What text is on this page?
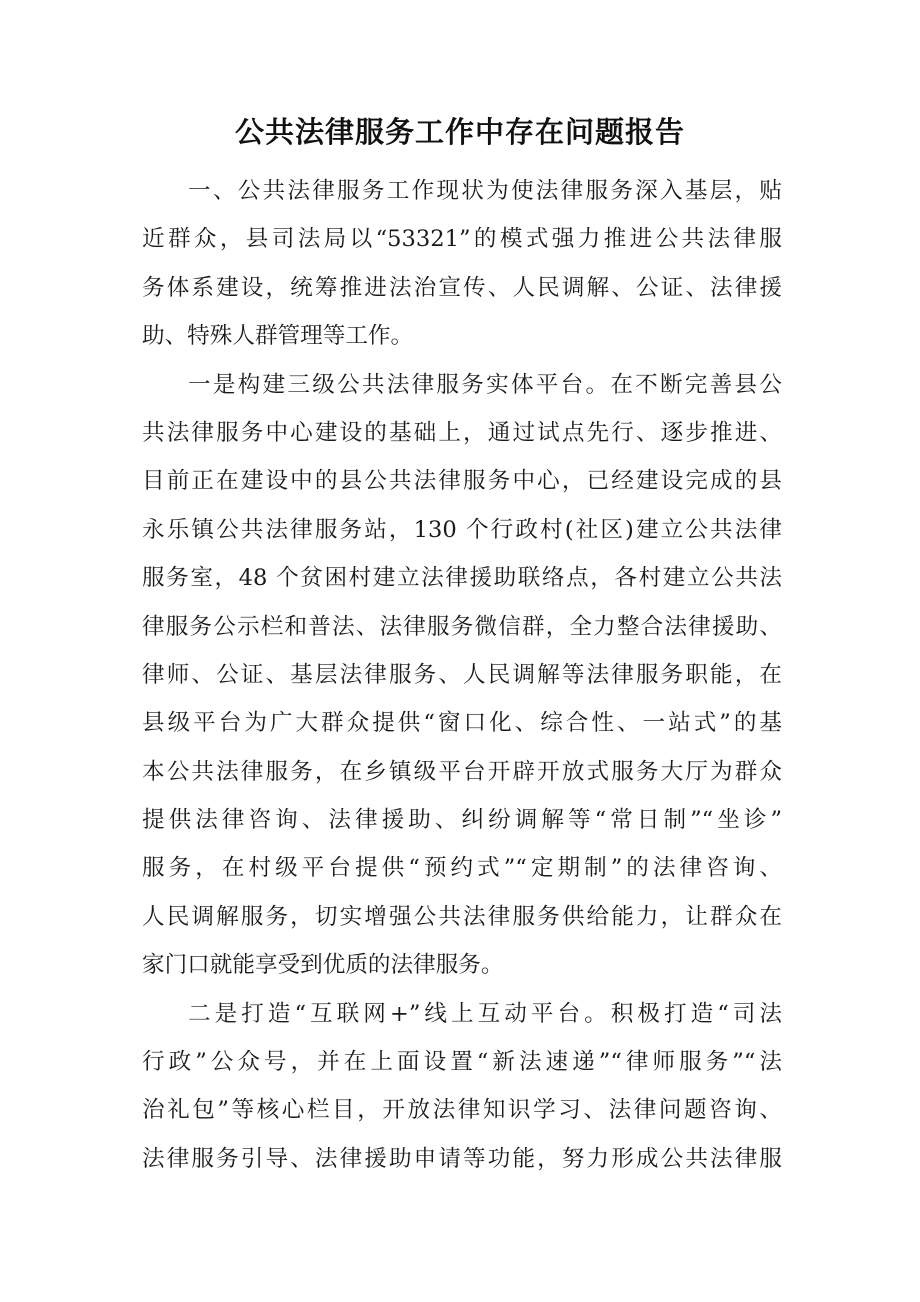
公共法律服务工作中存在问题报告
一、公共法律服务工作现状为使法律服务深入基层，贴
近群众，县司法局以“53321”的模式强力推进公共法律服
务体系建设，统筹推进法治宣传、人民调解、公证、法律援
助、特殊人群管理等工作。
一是构建三级公共法律服务实体平台。在不断完善县公
共法律服务中心建设的基础上，通过试点先行、逐步推进、
目前正在建设中的县公共法律服务中心，已经建设完成的县
永乐镇公共法律服务站，130 个行政村(社区)建立公共法律
服务室，48 个贫困村建立法律援助联络点，各村建立公共法
律服务公示栏和普法、法律服务微信群，全力整合法律援助、
律师、公证、基层法律服务、人民调解等法律服务职能，在
县级平台为广大群众提供“窗口化、综合性、一站式”的基
本公共法律服务，在乡镇级平台开辟开放式服务大厅为群众
提供法律咨询、法律援助、纠纷调解等“常日制”“坐诊”
服务，在村级平台提供“预约式”“定期制”的法律咨询、
人民调解服务，切实增强公共法律服务供给能力，让群众在
家门口就能享受到优质的法律服务。
二是打造“互联网+”线上互动平台。积极打造“司法
行政”公众号，并在上面设置“新法速递”“律师服务”“法
治礼包”等核心栏目，开放法律知识学习、法律问题咨询、
法律服务引导、法律援助申请等功能，努力形成公共法律服
